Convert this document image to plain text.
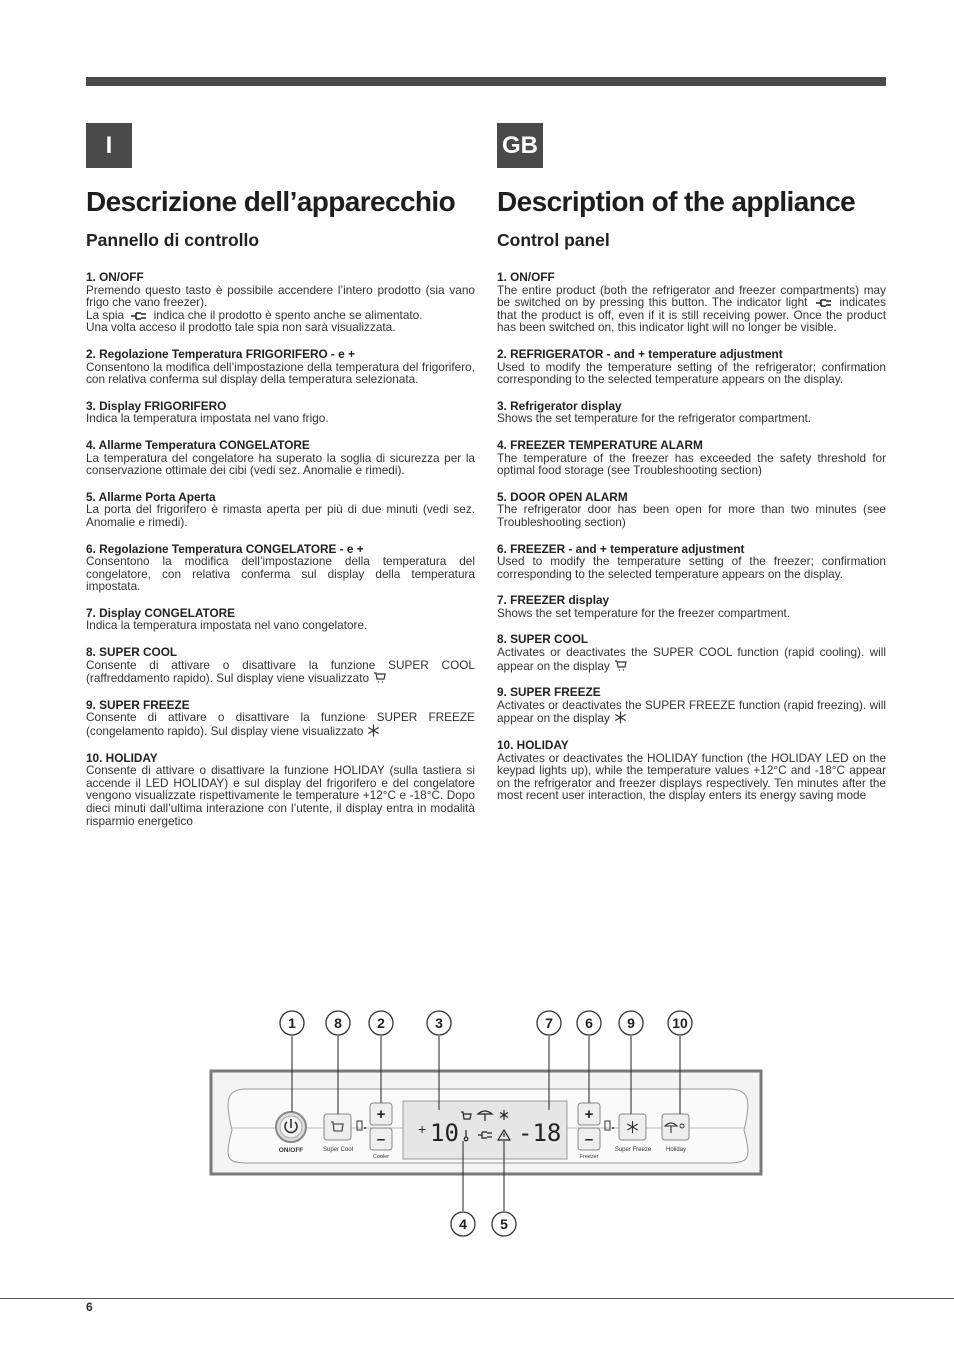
I	GB
Descrizione dell’apparecchio
Pannello di controllo
1. ON/OFF
Premendo questo tasto è possibile accendere l’intero prodotto (sia vano frigo che vano freezer).
La spia	indica che il prodotto è spento anche se alimentato.
Una volta acceso il prodotto tale spia non sarà visualizzata.
2. Regolazione Temperatura FRIGORIFERO - e +
Consentono la modifica dell’impostazione della temperatura del frigorifero, con relativa conferma sul display della temperatura selezionata.
3. Display FRIGORIFERO
Indica la temperatura impostata nel vano frigo.
4. Allarme Temperatura CONGELATORE
La temperatura del congelatore ha superato la soglia di sicurezza per la conservazione ottimale dei cibi (vedi sez. Anomalie e rimedi).
5. Allarme Porta Aperta
La porta del frigorifero è rimasta aperta per più di due minuti (vedi sez. Anomalie e rimedi).
6. Regolazione Temperatura CONGELATORE - e +
Consentono la modifica dell’impostazione della temperatura del congelatore, con relativa conferma sul display della temperatura impostata.
7. Display CONGELATORE
Indica la temperatura impostata nel vano congelatore.
8. SUPER COOL
Consente di attivare o disattivare la funzione SUPER COOL (raffreddamento rapido). Sul display viene visualizzato
9. SUPER FREEZE
Consente di attivare o disattivare la funzione SUPER FREEZE (congelamento rapido). Sul display viene visualizzato
10. HOLIDAY
Consente di attivare o disattivare la funzione HOLIDAY (sulla tastiera si accende il LED HOLIDAY) e sul display del frigorifero e del congelatore vengono visualizzate rispettivamente le temperature +12°C e -18°C. Dopo dieci minuti dall’ultima interazione con l’utente, il display entra in modalità risparmio energetico
Description of the appliance
Control panel
1. ON/OFF
The entire product (both the refrigerator and freezer compartments) may be switched on by pressing this button. The indicator light	indicates that the product is off, even if it is still receiving power. Once the product has been switched on, this indicator light will no longer be visible.
2. REFRIGERATOR - and + temperature adjustment
Used to modify the temperature setting of the refrigerator; confirmation corresponding to the selected temperature appears on the display.
3. Refrigerator display
Shows the set temperature for the refrigerator compartment.
4. FREEZER TEMPERATURE ALARM
The temperature of the freezer has exceeded the safety threshold for optimal food storage (see Troubleshooting section)
5. DOOR OPEN ALARM
The refrigerator door has been open for more than two minutes (see Troubleshooting section)
6. FREEZER - and + temperature adjustment
Used to modify the temperature setting of the freezer; confirmation corresponding to the selected temperature appears on the display.
7. FREEZER display
Shows the set temperature for the freezer compartment.
8. SUPER COOL
Activates or deactivates the SUPER COOL function (rapid cooling). will appear on the display
9. SUPER FREEZE
Activates or deactivates the SUPER FREEZE function (rapid freezing). will appear on the display
10. HOLIDAY
Activates or deactivates the HOLIDAY function (the HOLIDAY LED on the keypad lights up), while the temperature values +12°C and -18°C appear on the refrigerator and freezer displays respectively. Ten minutes after the most recent user interaction, the display enters its energy saving mode
+ 10 -18
ON/OFF	Super Cool
+
–
Cooler
+
–
Freezer
Super Freeze Holiday
1	8	2	3	7 6 9	10
4 5
6
